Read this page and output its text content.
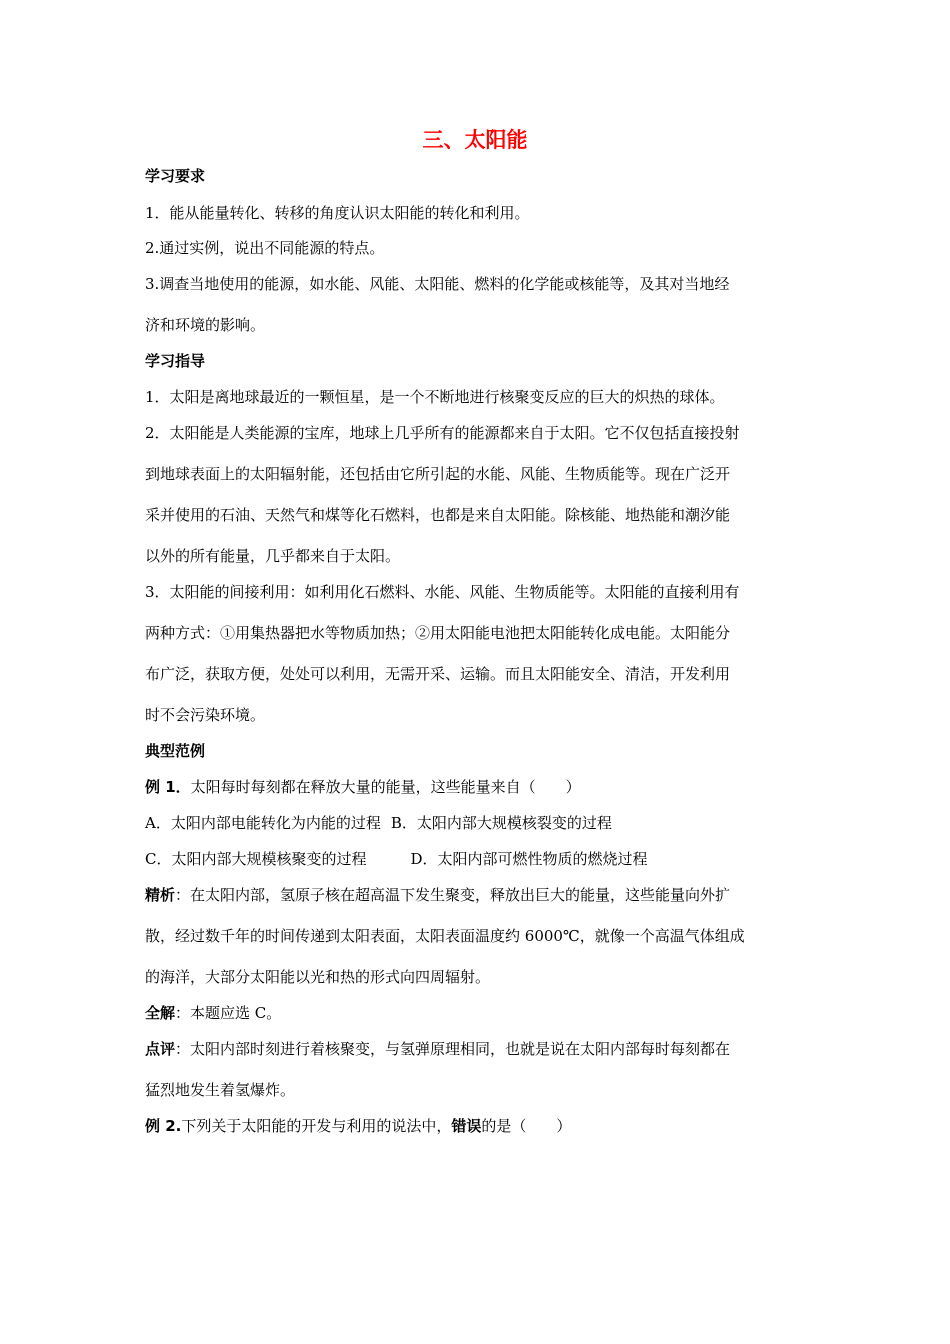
三、太阳能
学习要求
1．能从能量转化、转移的角度认识太阳能的转化和利用。
2.通过实例，说出不同能源的特点。
3.调查当地使用的能源，如水能、风能、太阳能、燃料的化学能或核能等，及其对当地经
济和环境的影响。
学习指导
1．太阳是离地球最近的一颗恒星，是一个不断地进行核聚变反应的巨大的炽热的球体。
2．太阳能是人类能源的宝库，地球上几乎所有的能源都来自于太阳。它不仅包括直接投射
到地球表面上的太阳辐射能，还包括由它所引起的水能、风能、生物质能等。现在广泛开
采并使用的石油、天然气和煤等化石燃料，也都是来自太阳能。除核能、地热能和潮汐能
以外的所有能量，几乎都来自于太阳。
3．太阳能的间接利用：如利用化石燃料、水能、风能、生物质能等。太阳能的直接利用有
两种方式：①用集热器把水等物质加热；②用太阳能电池把太阳能转化成电能。太阳能分
布广泛，获取方便，处处可以利用，无需开采、运输。而且太阳能安全、清洁，开发利用
时不会污染环境。
典型范例
例 1．太阳每时每刻都在释放大量的能量，这些能量来自（　　）
A．太阳内部电能转化为内能的过程 B．太阳内部大规模核裂变的过程
C．太阳内部大规模核聚变的过程	D．太阳内部可燃性物质的燃烧过程
精析：在太阳内部，氢原子核在超高温下发生聚变，释放出巨大的能量，这些能量向外扩
散，经过数千年的时间传递到太阳表面，太阳表面温度约 6000℃，就像一个高温气体组成
的海洋，大部分太阳能以光和热的形式向四周辐射。
全解：本题应选 C。
点评：太阳内部时刻进行着核聚变，与氢弹原理相同，也就是说在太阳内部每时每刻都在
猛烈地发生着氢爆炸。
例 2.下列关于太阳能的开发与利用的说法中，错误的是（　　）
